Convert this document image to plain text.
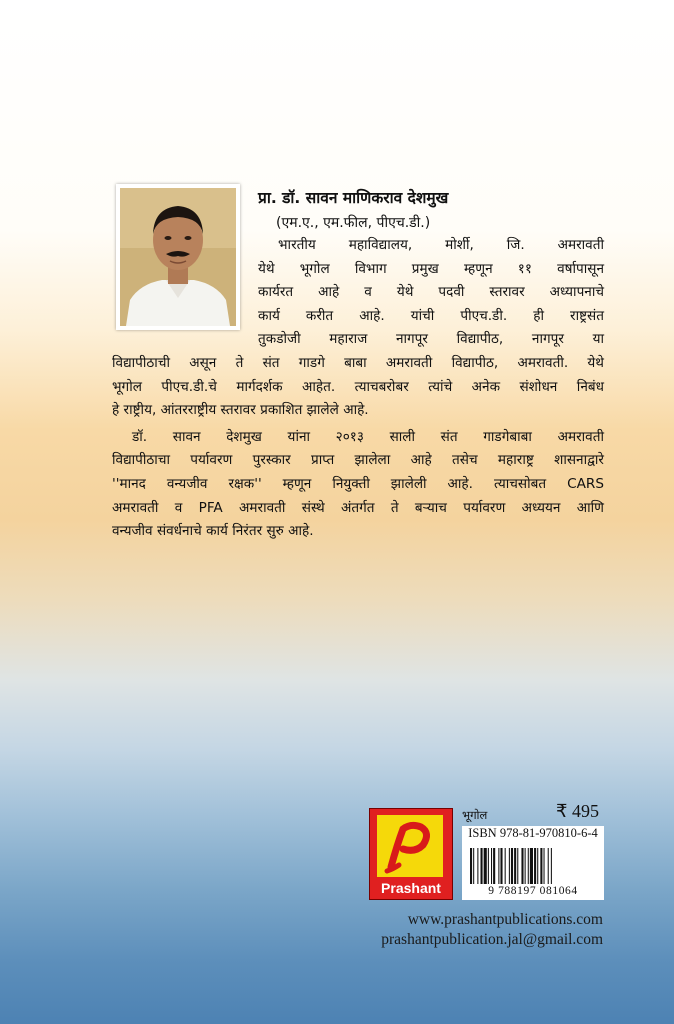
प्रा. डॉ. सावन माणिकराव देशमुख
(एम.ए., एम.फील, पीएच.डी.)
भारतीय महाविद्यालय, मोर्शी, जि. अमरावती
येथे भूगोल विभाग प्रमुख म्हणून ११ वर्षापासून
कार्यरत आहे व येथे पदवी स्तरावर अध्यापनाचे
कार्य करीत आहे. यांची पीएच.डी. ही राष्ट्रसंत
तुकडोजी महाराज नागपूर विद्यापीठ, नागपूर या
विद्यापीठाची असून ते संत गाडगे बाबा अमरावती विद्यापीठ, अमरावती. येथे
भूगोल पीएच.डी.चे मार्गदर्शक आहेत. त्याचबरोबर त्यांचे अनेक संशोधन निबंध
हे राष्ट्रीय, आंतरराष्ट्रीय स्तरावर प्रकाशित झालेले आहे.
डॉ. सावन देशमुख यांना २०१३ साली संत गाडगेबाबा अमरावती
विद्यापीठाचा पर्यावरण पुरस्कार प्राप्त झालेला आहे तसेच महाराष्ट्र शासनाद्वारे
''मानद वन्यजीव रक्षक'' म्हणून नियुक्ती झालेली आहे. त्याचसोबत CARS
अमरावती व PFA अमरावती संस्थे अंतर्गत ते बऱ्याच पर्यावरण अध्ययन आणि
वन्यजीव संवर्धनाचे कार्य निरंतर सुरु आहे.
Prashant
भूगोल	₹ 495
ISBN 978-81-970810-6-4
9 788197 081064
www.prashantpublications.com
prashantpublication.jal@gmail.com
